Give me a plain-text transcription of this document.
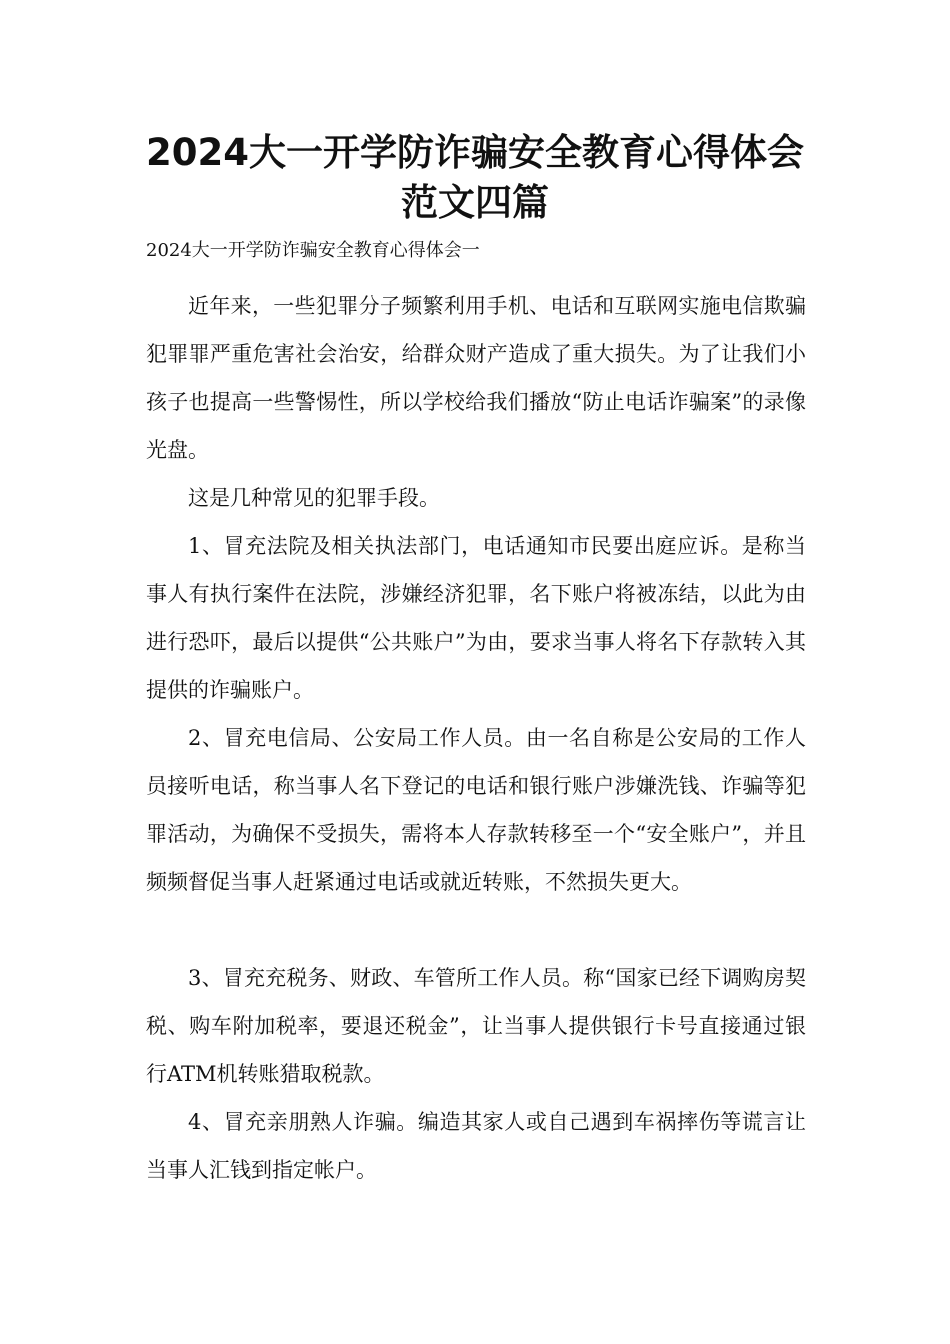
2024大一开学防诈骗安全教育心得体会
范文四篇

2024大一开学防诈骗安全教育心得体会一

近年来，一些犯罪分子频繁利用手机、电话和互联网实施电信欺骗犯罪罪严重危害社会治安，给群众财产造成了重大损失。为了让我们小孩子也提高一些警惕性，所以学校给我们播放“防止电话诈骗案”的录像光盘。

这是几种常见的犯罪手段。

1、冒充法院及相关执法部门，电话通知市民要出庭应诉。是称当事人有执行案件在法院，涉嫌经济犯罪，名下账户将被冻结，以此为由进行恐吓，最后以提供“公共账户”为由，要求当事人将名下存款转入其提供的诈骗账户。

2、冒充电信局、公安局工作人员。由一名自称是公安局的工作人员接听电话，称当事人名下登记的电话和银行账户涉嫌洗钱、诈骗等犯罪活动，为确保不受损失，需将本人存款转移至一个“安全账户”，并且频频督促当事人赶紧通过电话或就近转账，不然损失更大。

3、冒充充税务、财政、车管所工作人员。称“国家已经下调购房契税、购车附加税率，要退还税金”，让当事人提供银行卡号直接通过银行ATM机转账猎取税款。

4、冒充亲朋熟人诈骗。编造其家人或自己遇到车祸摔伤等谎言让当事人汇钱到指定帐户。
